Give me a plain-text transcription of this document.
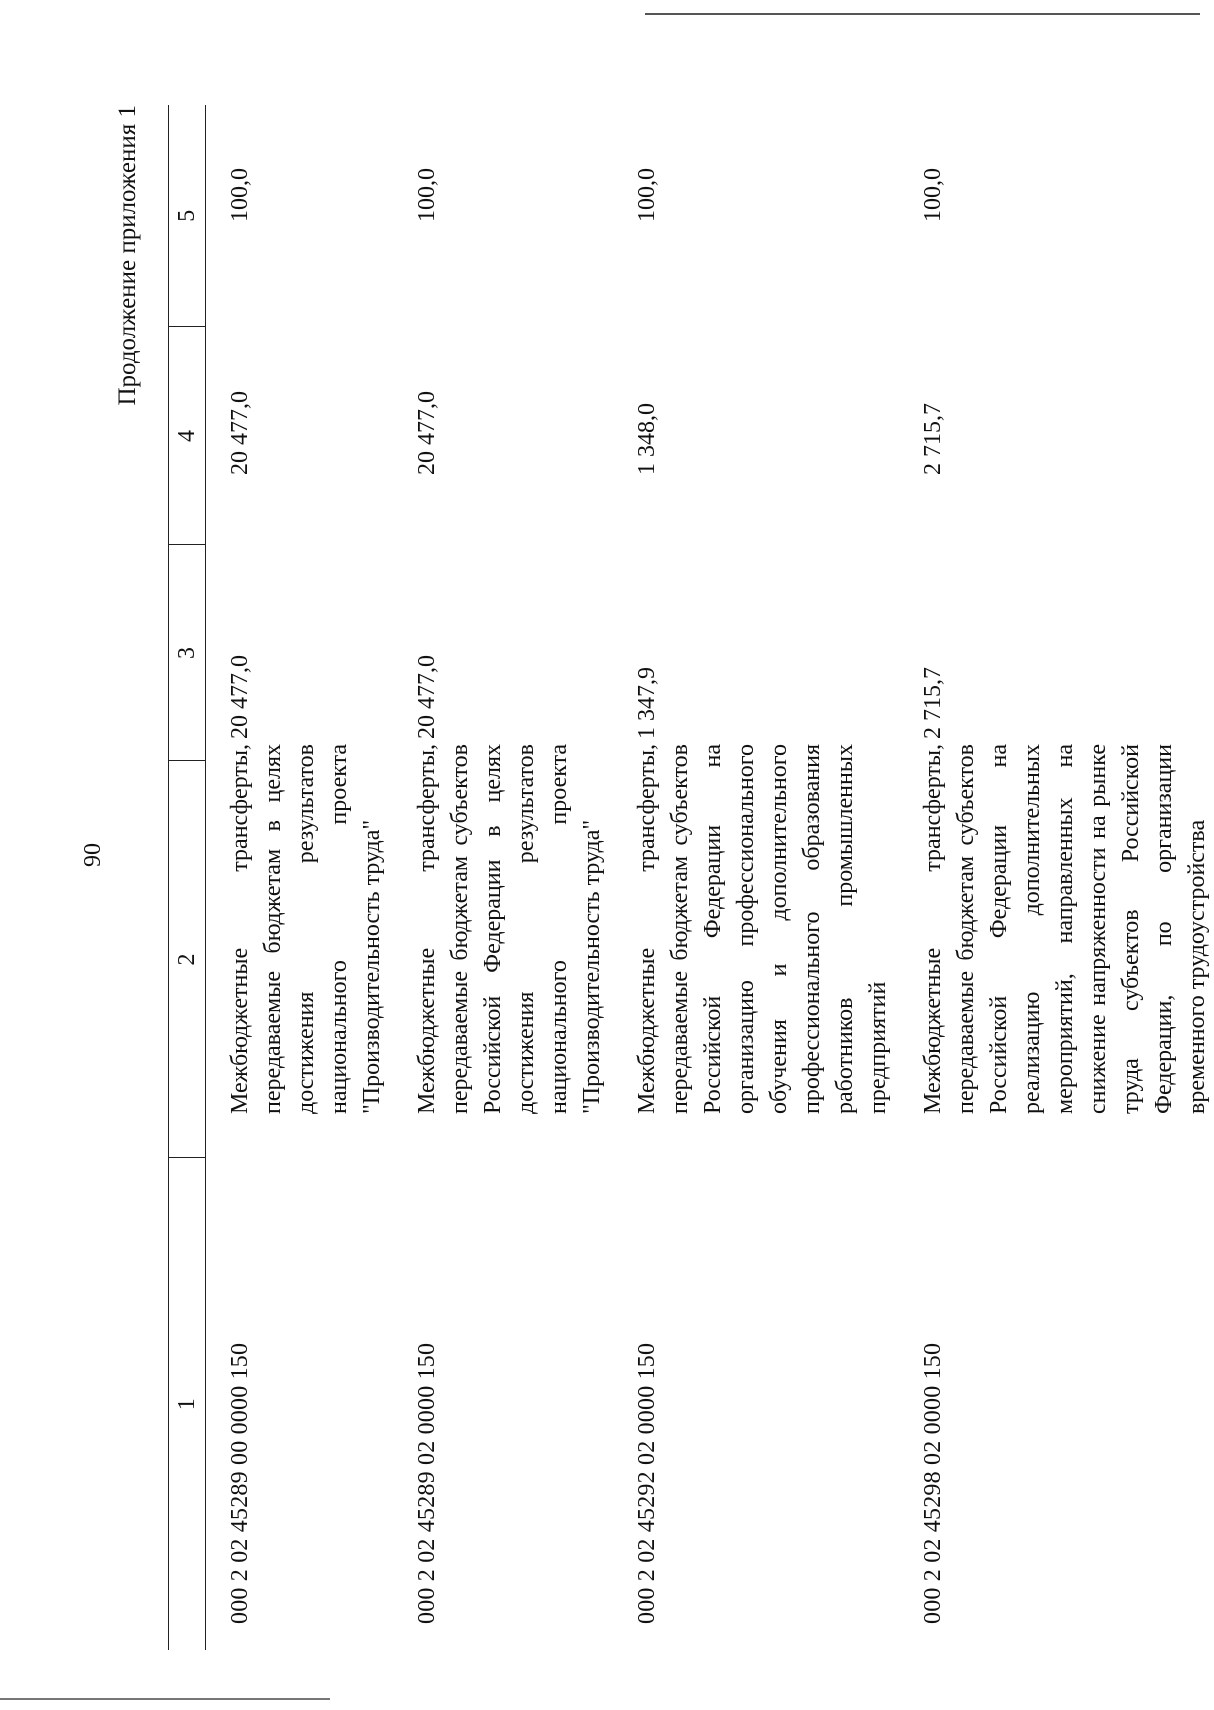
90
Продолжение приложения 1
1	2	3	4	5
000 2 02 45289 00 0000 150	Межбюджетные трансферты, передаваемые бюджетам в целях достижения результатов национального проекта "Производительность труда"	20 477,0	20 477,0	100,0
000 2 02 45289 02 0000 150	Межбюджетные трансферты, передаваемые бюджетам субъектов Российской Федерации в целях достижения результатов национального проекта "Производительность труда"	20 477,0	20 477,0	100,0
000 2 02 45292 02 0000 150	Межбюджетные трансферты, передаваемые бюджетам субъектов Российской Федерации на организацию профессионального обучения и дополнительного профессионального образования работников промышленных предприятий	1 347,9	1 348,0	100,0
000 2 02 45298 02 0000 150	Межбюджетные трансферты, передаваемые бюджетам субъектов Российской Федерации на реализацию дополнительных мероприятий, направленных на снижение напряженности на рынке труда субъектов Российской Федерации, по организации временного трудоустройства	2 715,7	2 715,7	100,0
